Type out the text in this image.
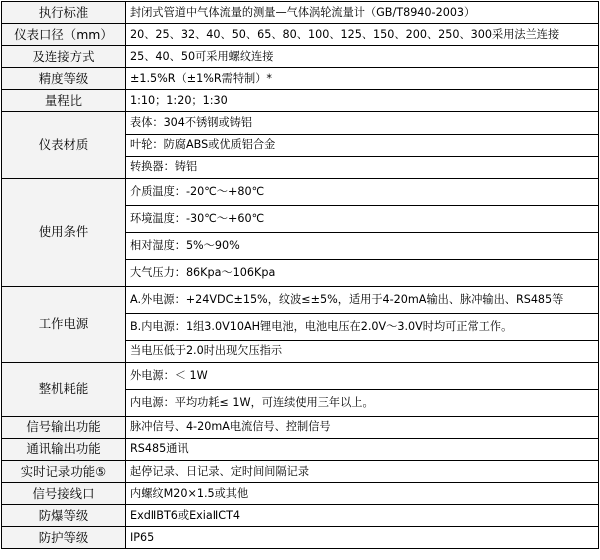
执行标准	封闭式管道中气体流量的测量—气体涡轮流量计（GB/T8940-2003）
仪表口径（mm）	20、25、32、40、50、65、80、100、125、150、200、250、300采用法兰连接
及连接方式	25、40、50可采用螺纹连接
精度等级	±1.5%R（±1%R需特制）*
量程比	1:10；1:20；1:30
仪表材质	表体：304不锈钢或铸铝
	叶轮：防腐ABS或优质铝合金
	转换器：铸铝
使用条件	介质温度：-20℃～+80℃
	环境温度：-30℃～+60℃
	相对湿度：5%～90%
	大气压力：86Kpa～106Kpa
工作电源	A.外电源：+24VDC±15%，纹波≤±5%，适用于4-20mA输出、脉冲输出、RS485等
	B.内电源：1组3.0V10AH锂电池，电池电压在2.0V～3.0V时均可正常工作。
	当电压低于2.0时出现欠压指示
整机耗能	外电源：＜ 1W
	内电源：平均功耗≤ 1W，可连续使用三年以上。
信号输出功能	脉冲信号、4-20mA电流信号、控制信号
通讯输出功能	RS485通讯
实时记录功能⑤	起停记录、日记录、定时间间隔记录
信号接线口	内螺纹M20×1.5或其他
防爆等级	ExdⅡBT6或ExiaⅡCT4
防护等级	IP65
